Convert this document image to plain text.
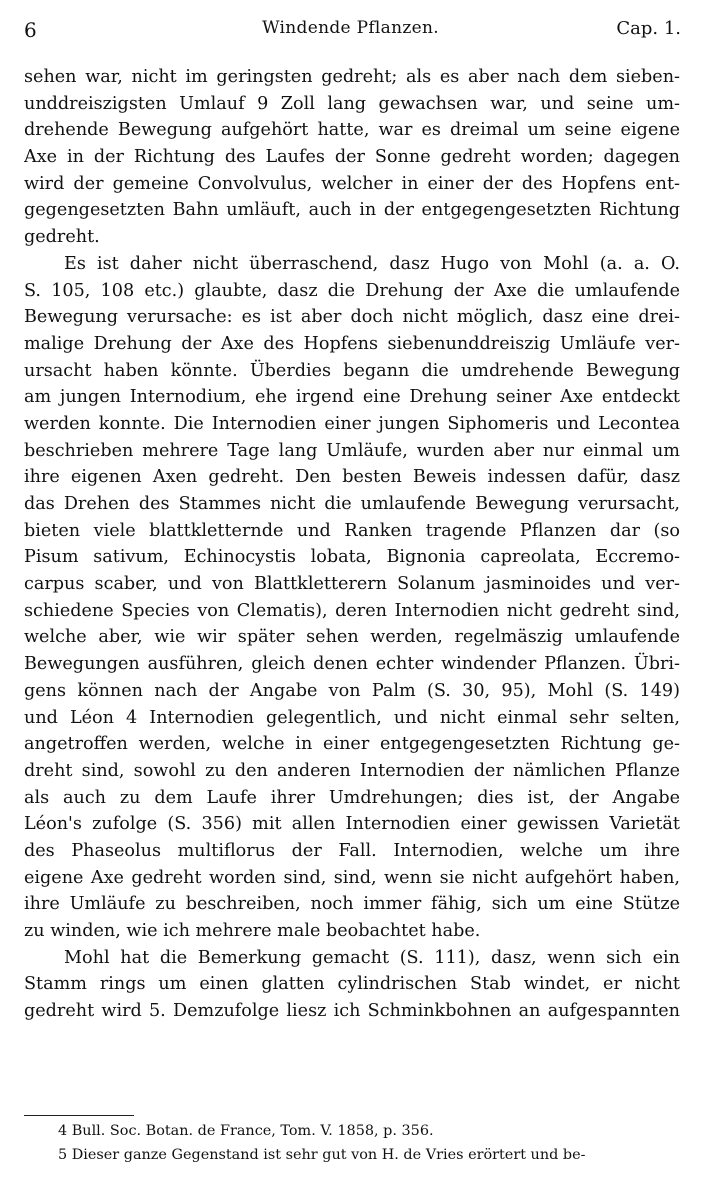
Windende Pflanzen.
6	Cap. 1.
sehen war, nicht im geringsten gedreht; als es aber nach dem sieben-
unddreiszigsten Umlauf 9 Zoll lang gewachsen war, und seine um-
drehende Bewegung aufgehört hatte, war es dreimal um seine eigene
Axe in der Richtung des Laufes der Sonne gedreht worden; dagegen
wird der gemeine Convolvulus, welcher in einer der des Hopfens ent-
gegengesetzten Bahn umläuft, auch in der entgegengesetzten Richtung
gedreht.
Es ist daher nicht überraschend, dasz Hugo von Mohl (a. a. O.
S. 105, 108 etc.) glaubte, dasz die Drehung der Axe die umlaufende
Bewegung verursache: es ist aber doch nicht möglich, dasz eine drei-
malige Drehung der Axe des Hopfens siebenunddreiszig Umläufe ver-
ursacht haben könnte. Überdies begann die umdrehende Bewegung
am jungen Internodium, ehe irgend eine Drehung seiner Axe entdeckt
werden konnte. Die Internodien einer jungen Siphomeris und Lecontea
beschrieben mehrere Tage lang Umläufe, wurden aber nur einmal um
ihre eigenen Axen gedreht. Den besten Beweis indessen dafür, dasz
das Drehen des Stammes nicht die umlaufende Bewegung verursacht,
bieten viele blattkletternde und Ranken tragende Pflanzen dar (so
Pisum sativum, Echinocystis lobata, Bignonia capreolata, Eccremo-
carpus scaber, und von Blattkletterern Solanum jasminoides und ver-
schiedene Species von Clematis), deren Internodien nicht gedreht sind,
welche aber, wie wir später sehen werden, regelmäszig umlaufende
Bewegungen ausführen, gleich denen echter windender Pflanzen. Übri-
gens können nach der Angabe von Palm (S. 30, 95), Mohl (S. 149)
und Léon 4 Internodien gelegentlich, und nicht einmal sehr selten,
angetroffen werden, welche in einer entgegengesetzten Richtung ge-
dreht sind, sowohl zu den anderen Internodien der nämlichen Pflanze
als auch zu dem Laufe ihrer Umdrehungen; dies ist, der Angabe
Léon's zufolge (S. 356) mit allen Internodien einer gewissen Varietät
des Phaseolus multiflorus der Fall. Internodien, welche um ihre
eigene Axe gedreht worden sind, sind, wenn sie nicht aufgehört haben,
ihre Umläufe zu beschreiben, noch immer fähig, sich um eine Stütze
zu winden, wie ich mehrere male beobachtet habe.
Mohl hat die Bemerkung gemacht (S. 111), dasz, wenn sich ein
Stamm rings um einen glatten cylindrischen Stab windet, er nicht
gedreht wird 5. Demzufolge liesz ich Schminkbohnen an aufgespannten
4 Bull. Soc. Botan. de France, Tom. V. 1858, p. 356.
5 Dieser ganze Gegenstand ist sehr gut von H. de Vries erörtert und be-
